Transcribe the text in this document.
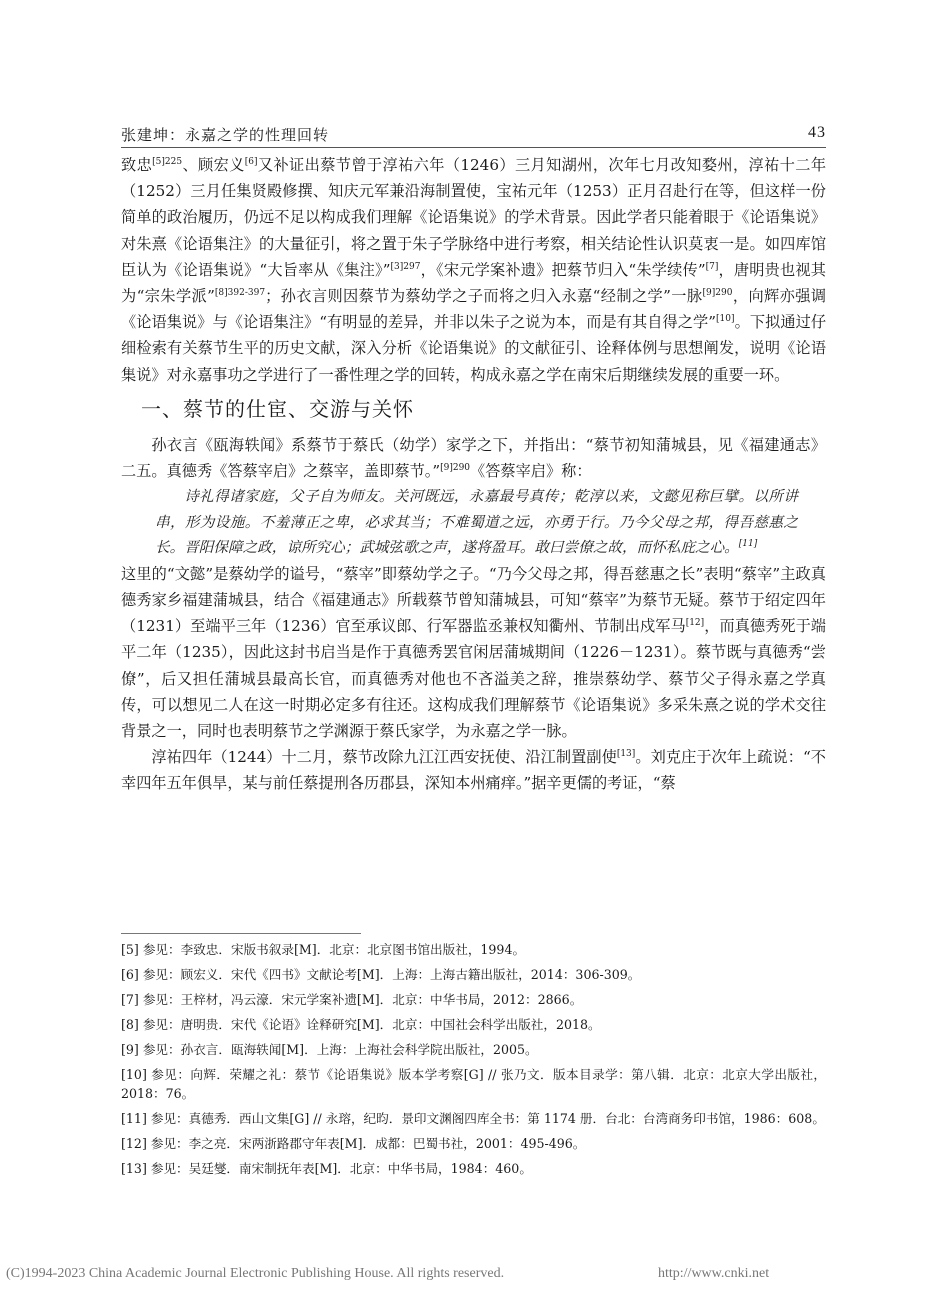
张建坤：永嘉之学的性理回转	43

致忠$^{[5]225}$、顾宏义[6]又补证出蔡节曾于淳祐六年（1246）三月知湖州，次年七月改知婺州，淳祐十二年（1252）三月任集贤殿修撰、知庆元军兼沿海制置使，宝祐元年（1253）正月召赴行在等，但这样一份简单的政治履历，仍远不足以构成我们理解《论语集说》的学术背景。因此学者只能着眼于《论语集说》对朱熹《论语集注》的大量征引，将之置于朱子学脉络中进行考察，相关结论性认识莫衷一是。如四库馆臣认为《论语集说》“大旨率从《集注》”$^{[3]297}$，《宋元学案补遗》把蔡节归入“朱学续传”[7]，唐明贵也视其为“宗朱学派”$^{[8]392-397}$；孙衣言则因蔡节为蔡幼学之子而将之归入永嘉“经制之学”一脉$^{[9]290}$，向辉亦强调《论语集说》与《论语集注》“有明显的差异，并非以朱子之说为本，而是有其自得之学”[10]。下拟通过仔细检索有关蔡节生平的历史文献，深入分析《论语集说》的文献征引、诠释体例与思想阐发，说明《论语集说》对永嘉事功之学进行了一番性理之学的回转，构成永嘉之学在南宋后期继续发展的重要一环。

一、蔡节的仕宦、交游与关怀

孙衣言《瓯海轶闻》系蔡节于蔡氏（幼学）家学之下，并指出：“蔡节初知蒲城县，见《福建通志》二五。真德秀《答蔡宰启》之蔡宰，盖即蔡节。”$^{[9]290}$《答蔡宰启》称：

诗礼得诸家庭，父子自为师友。关河既远，永嘉最号真传；乾淳以来，文懿见称巨擘。以所讲串，形为设施。不羞薄正之卑，必求其当；不难蜀道之远，亦勇于行。乃今父母之邦，得吾慈惠之长。晋阳保障之政，谅所究心；武城弦歌之声，遂将盈耳。敢曰尝僚之故，而怀私庇之心。[11]

这里的“文懿”是蔡幼学的谥号，“蔡宰”即蔡幼学之子。“乃今父母之邦，得吾慈惠之长”表明“蔡宰”主政真德秀家乡福建蒲城县，结合《福建通志》所载蔡节曾知蒲城县，可知“蔡宰”为蔡节无疑。蔡节于绍定四年（1231）至端平三年（1236）官至承议郎、行军器监丞兼权知衢州、节制出戍军马[12]，而真德秀死于端平二年（1235），因此这封书启当是作于真德秀罢官闲居蒲城期间（1226－1231）。蔡节既与真德秀“尝僚”，后又担任蒲城县最高长官，而真德秀对他也不吝溢美之辞，推崇蔡幼学、蔡节父子得永嘉之学真传，可以想见二人在这一时期必定多有往还。这构成我们理解蔡节《论语集说》多采朱熹之说的学术交往背景之一，同时也表明蔡节之学渊源于蔡氏家学，为永嘉之学一脉。

淳祐四年（1244）十二月，蔡节改除九江江西安抚使、沿江制置副使[13]。刘克庄于次年上疏说：“不幸四年五年俱旱，某与前任蔡提刑各历郡县，深知本州痛痒。”据辛更儒的考证，“蔡

[5] 参见：李致忠．宋版书叙录[M]．北京：北京图书馆出版社，1994。

[6] 参见：顾宏义．宋代《四书》文献论考[M]．上海：上海古籍出版社，2014：306-309。

[7] 参见：王梓材，冯云濠．宋元学案补遗[M]．北京：中华书局，2012：2866。

[8] 参见：唐明贵．宋代《论语》诠释研究[M]．北京：中国社会科学出版社，2018。

[9] 参见：孙衣言．瓯海轶闻[M]．上海：上海社会科学院出版社，2005。

[10] 参见：向辉．荣耀之礼：蔡节《论语集说》版本学考察[G] // 张乃文．版本目录学：第八辑．北京：北京大学出版社，2018：76。

[11] 参见：真德秀．西山文集[G] // 永瑢，纪昀．景印文渊阁四库全书：第 1174 册．台北：台湾商务印书馆，1986：608。

[12] 参见：李之亮．宋两浙路郡守年表[M]．成都：巴蜀书社，2001：495-496。

[13] 参见：吴廷燮．南宋制抚年表[M]．北京：中华书局，1984：460。

(C)1994-2023 China Academic Journal Electronic Publishing House. All rights reserved.	http://www.cnki.net
